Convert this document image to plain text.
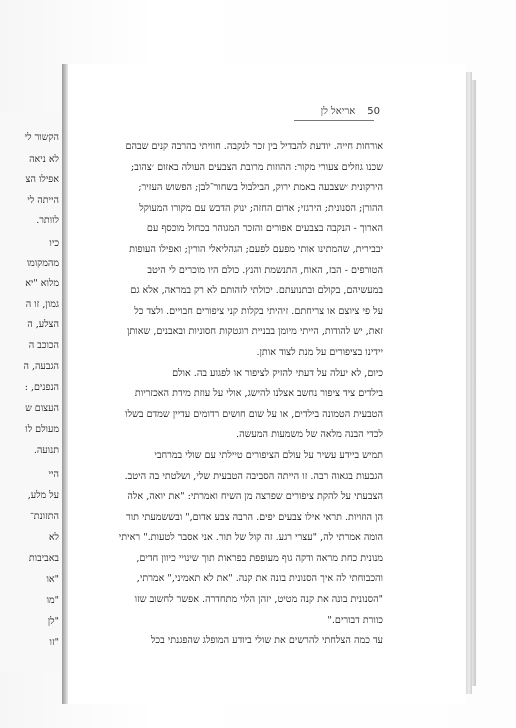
הקשור לי
לא ניאה
אפילו הצ
הייתה לי
לוותר.
כיו
מהמקומו
מלוא "יא
גמון, זו ה
הצלע, ה
הכוכב ה
הגבעה, ה
הנפנים, :
העצום ש
מעולם לו
תנועה.
היי
על מלע,
התזונת־
לא
באביבות
"או
"מו
"לן
"זו
50
אריאל לן
אורחות חייה. יודעת להבדיל בין זכר לנקבה. חוויתי בהרבה קנים שבהם
שכנו גוזלים צעורי מקור: ההוזות מרובת הצבעים העולה באזום ׳צהוב;
הירקונית ׳שצבעה באמת ירוק, הבילבול בשחור־לבן; הפשוש העזיר;
ההורן; הסנונית; הירגזי; אדום החזה; ינוק הדבש עם מקורו המעוקל
הארוך - הנקבה בצבעים אפורים והזכר המגוהר בכחול מוכסף עם
יבבירית, שהמתינו אותי מפעם לפעם; הגהליאלי הורין; ואפילו העופות
הטורפים - הבז, האוח, התנשמת והנץ. כולם היו מוכרים לי היטב
במעשיהם, בקולם ובתנועתם. יכולתי לזהותם לא רק במראה, אלא גם
על פי ציוצם או צריחתם. זיהיתי בקלות קני ציפורים חבויים. ולצד כל
זאת, יש להודות, הייתי מיומן בבניית רוגטקות חסוניות ובאבנים, שאותן
יידינו בציפורים על מנת לצוד אותן.
כיום, לא יעלה על דעתי להזיק לציפור או לפגוע בה. אולם
בילדים ציד ציפור נחשב אצלנו להישג, אולי על עוזת מידת האכזריות
הטבעית הטמונה בילדים, או על שום חושים רדומים עדיין שמדם בשלו
לכדי הבנה מלאה של משמעות המעשה.
תמיש ביידע עשיר על עולם הציפורים טיילתי עם שולי במרחבי
הגבעות בגאוה רבה. זו הייתה הסביבה הטבעית שלי, ושלטתי בה היטב.
הצבעתי על להקת ציפורים שפרצה מן השיח ואמרתי: "את יואה, אלה
הן הוזויות. תראי אילו צבעים יפים. הרבה צבע אדום," ובששמעתי תור
הומה אמרתי לה, "עצרי רגע. זה קול של תור. אני אסבר לטעות." ראיתי
מנונית כחת מראה ודקה גוף מעופפת בפראות תוך שינויי כיוון חדים,
והכבוחתי לה איך הסנונית בונה את קנה. "את לא תאמיני," אמרתי,
"הסנונית בונה את קנה מטיט, יזהן הלוי מתחדרה. אפשר לחשוב שזו
כוורת דבורים."
עד כמה הצלחתי להרשים את שולי ביודע המופלג שהפגנתי בכל
